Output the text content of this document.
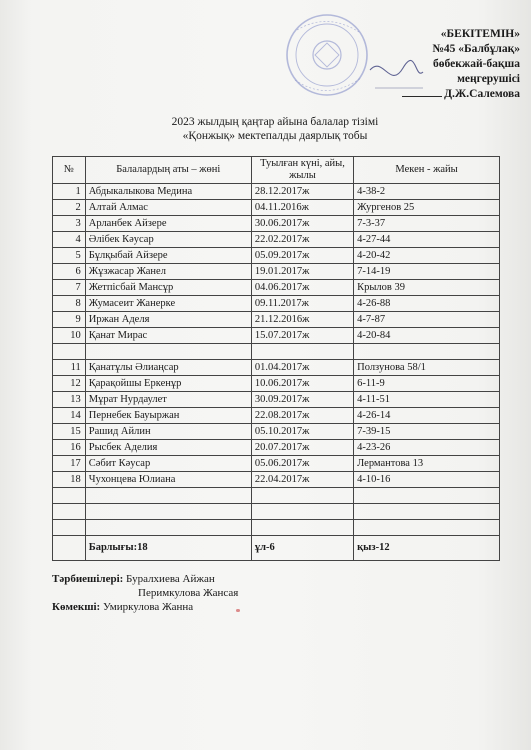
«БЕКІТЕМІН»
№45 «Балбұлақ»
бөбекжай-бақша
меңгерушісі
Д.Ж.Салемова
2023 жылдың қаңтар айына балалар тізімі
«Қонжық» мектепалды даярлық тобы
№	Балалардың аты – жөні	Туылған күні, айы, жылы	Мекен - жайы
1	Абдыкалыкова Медина	28.12.2017ж	4-38-2
2	Алтай Алмас	04.11.2016ж	Жургенов 25
3	Арланбек Айзере	30.06.2017ж	7-3-37
4	Әлібек Кәусар	22.02.2017ж	4-27-44
5	Бұлқыбай Айзере	05.09.2017ж	4-20-42
6	Жұзжасар Жанел	19.01.2017ж	7-14-19
7	Жетпісбай Мансұр	04.06.2017ж	Крылов 39
8	Жумасеит Жанерке	09.11.2017ж	4-26-88
9	Иржан Аделя	21.12.2016ж	4-7-87
10	Қанат Мирас	15.07.2017ж	4-20-84

11	Қанатұлы Әлиаңсар	01.04.2017ж	Ползунова 58/1
12	Қарақойшы Еркенұр	10.06.2017ж	6-11-9
13	Мұрат Нурдаулет	30.09.2017ж	4-11-51
14	Пернебек Бауыржан	22.08.2017ж	4-26-14
15	Рашид Айлин	05.10.2017ж	7-39-15
16	Рысбек Аделия	20.07.2017ж	4-23-26
17	Сәбит Кәусар	05.06.2017ж	Лермантова 13
18	Чухонцева Юлиана	22.04.2017ж	4-10-16

	Барлығы:18	ұл-6	қыз-12
Тәрбиешілері: Буралхиева Айжан
Перимкулова Жансая
Көмекші: Умиркулова Жанна
